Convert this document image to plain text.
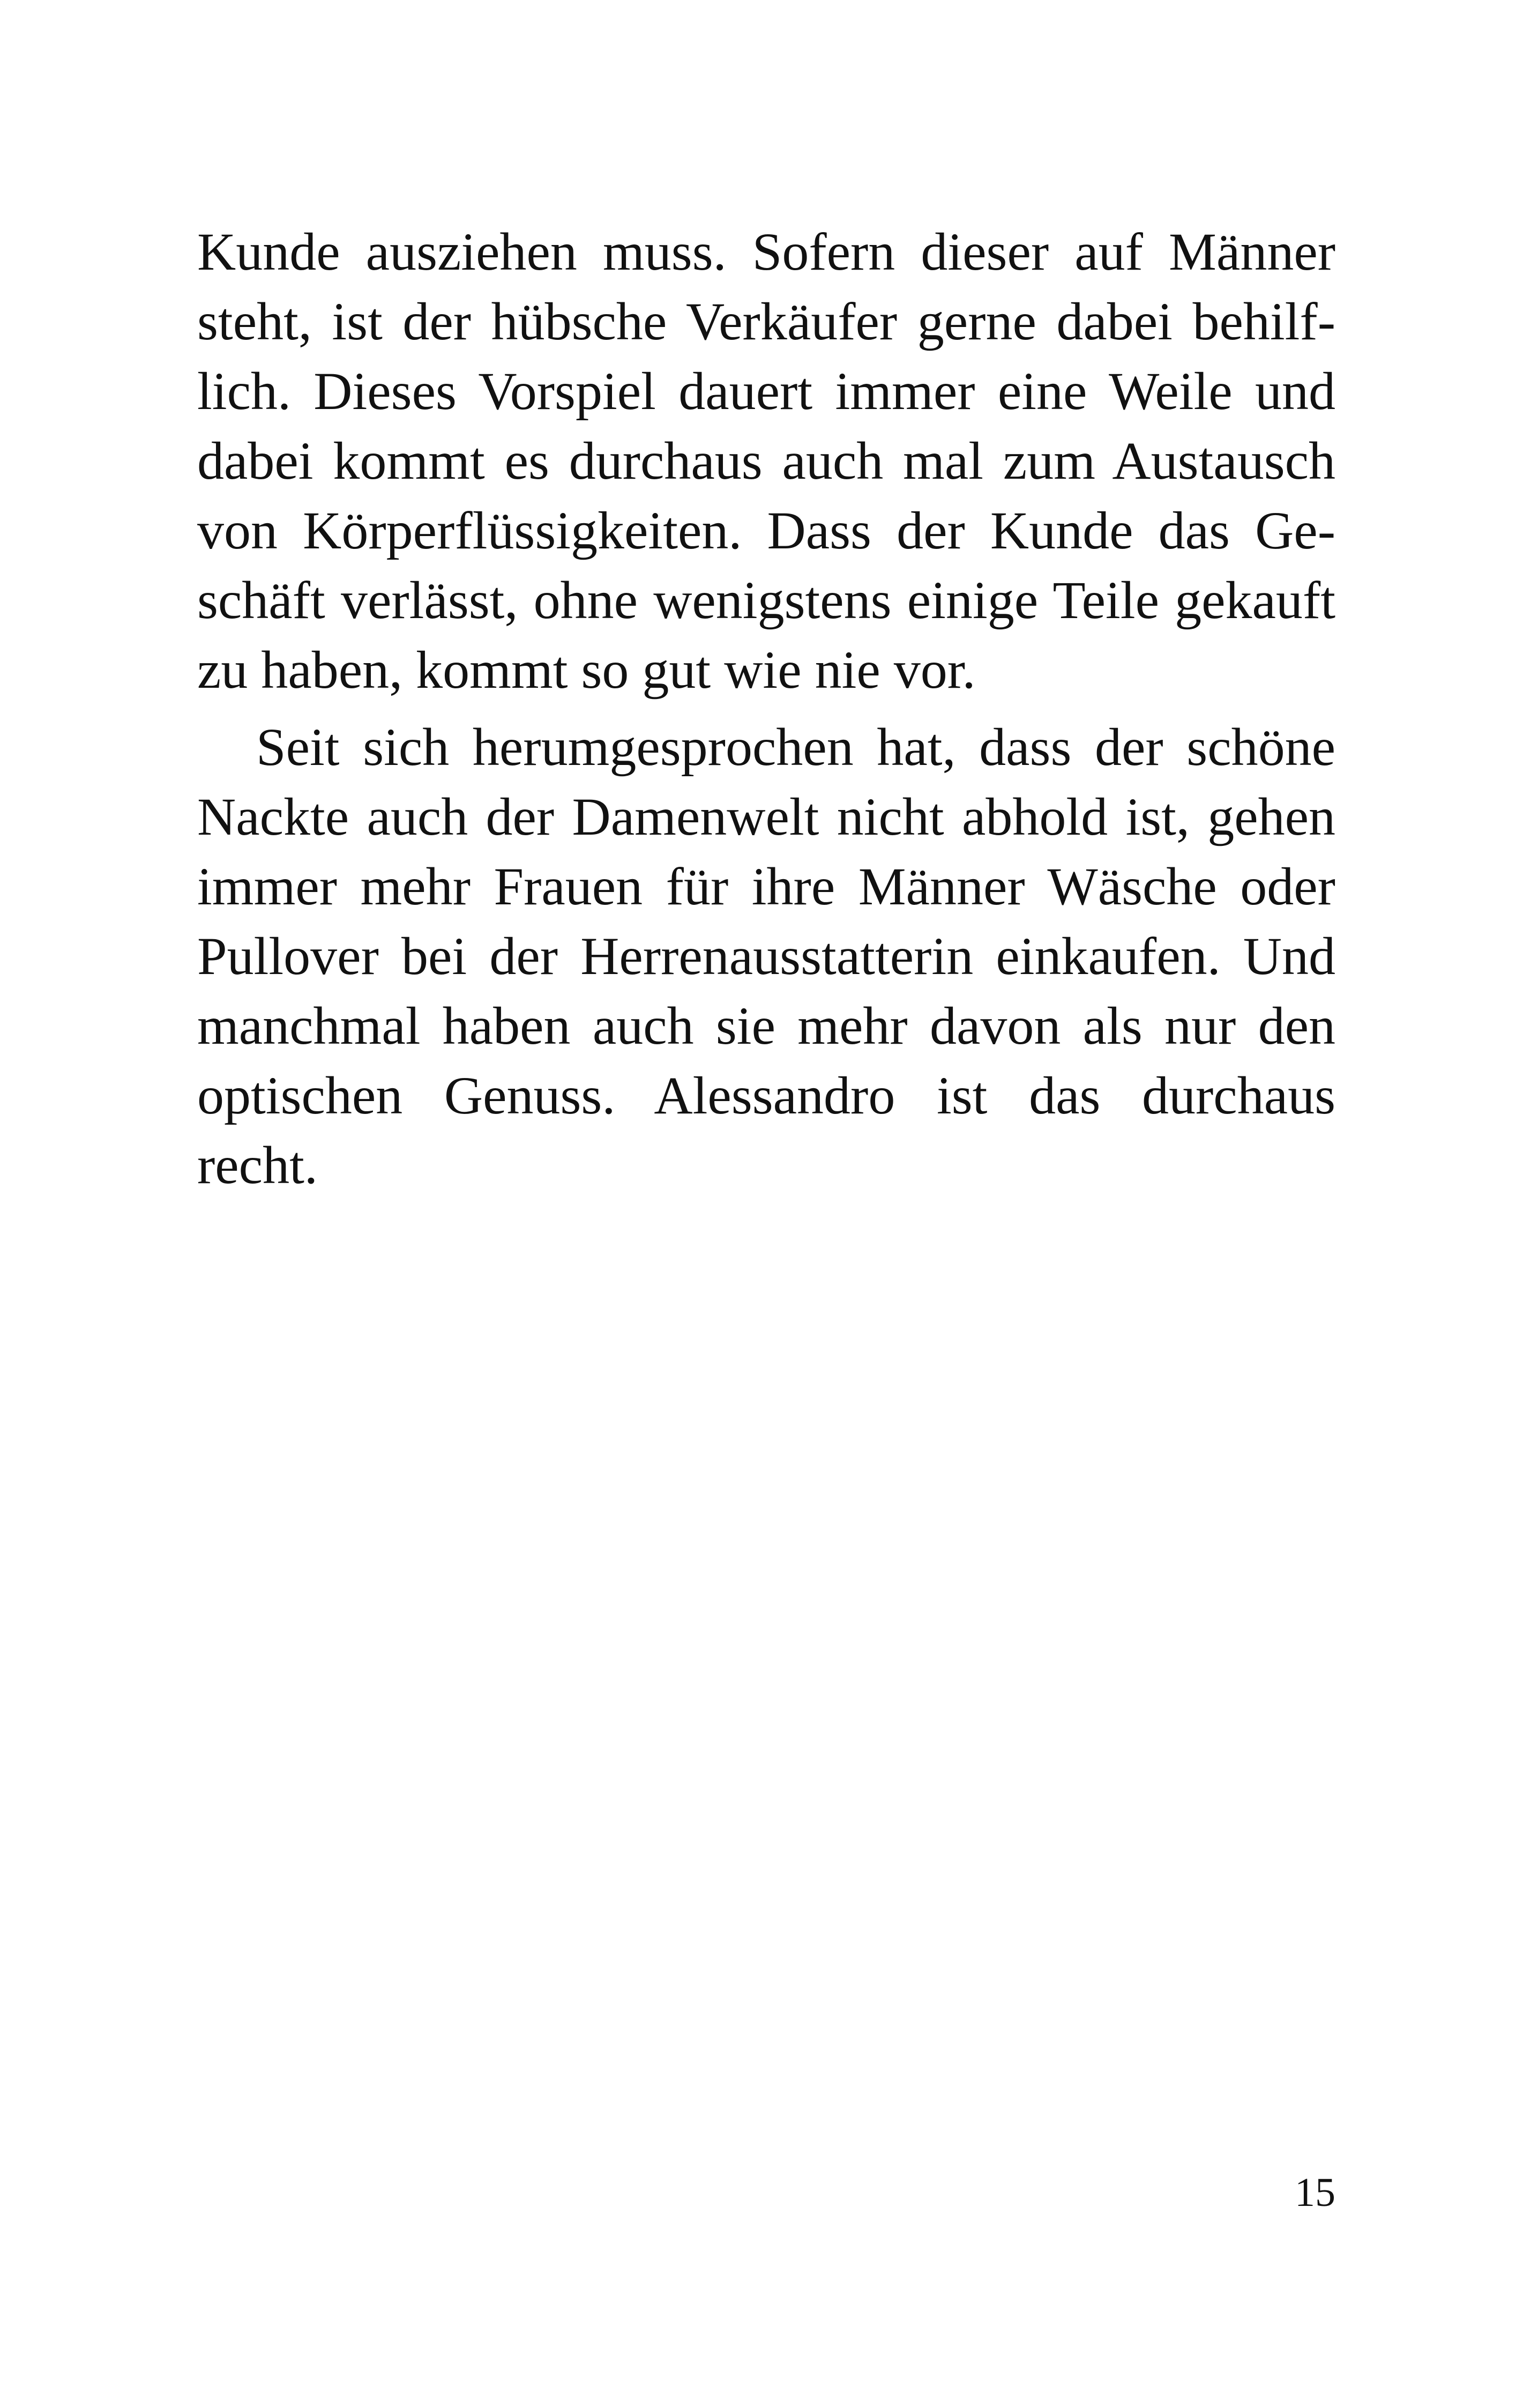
Kunde ausziehen muss. Sofern dieser auf Männer
steht, ist der hübsche Verkäufer gerne dabei behilf-
lich. Dieses Vorspiel dauert immer eine Weile und
dabei kommt es durchaus auch mal zum Austausch
von Körperflüssigkeiten. Dass der Kunde das Ge-
schäft verlässt, ohne wenigstens einige Teile gekauft
zu haben, kommt so gut wie nie vor.
Seit sich herumgesprochen hat, dass der schöne
Nackte auch der Damenwelt nicht abhold ist, gehen
immer mehr Frauen für ihre Männer Wäsche oder
Pullover bei der Herrenausstatterin einkaufen. Und
manchmal haben auch sie mehr davon als nur den
optischen Genuss. Alessandro ist das durchaus
recht.
15
